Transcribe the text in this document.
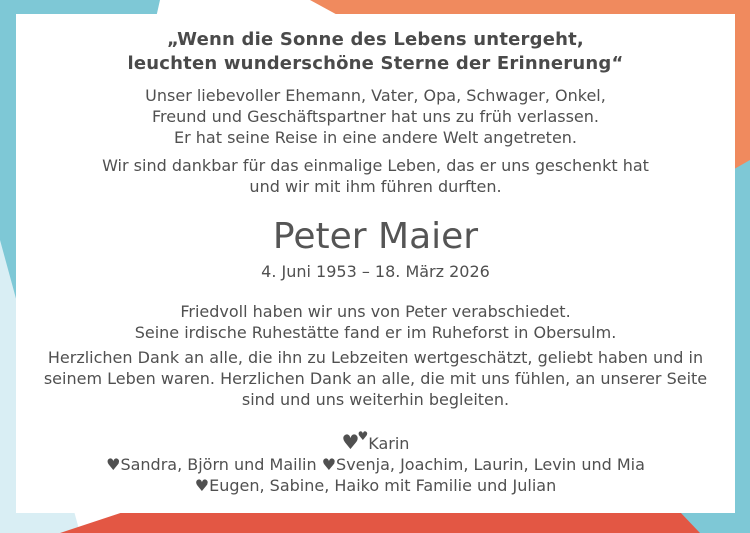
„Wenn die Sonne des Lebens untergeht,
leuchten wunderschöne Sterne der Erinnerung“
Unser liebevoller Ehemann, Vater, Opa, Schwager, Onkel,
Freund und Geschäftspartner hat uns zu früh verlassen.
Er hat seine Reise in eine andere Welt angetreten.
Wir sind dankbar für das einmalige Leben, das er uns geschenkt hat
und wir mit ihm führen durften.
Peter Maier
4. Juni 1953 – 18. März 2026
Friedvoll haben wir uns von Peter verabschiedet.
Seine irdische Ruhestätte fand er im Ruheforst in Obersulm.
Herzlichen Dank an alle, die ihn zu Lebzeiten wertgeschätzt, geliebt haben und in
seinem Leben waren. Herzlichen Dank an alle, die mit uns fühlen, an unserer Seite
sind und uns weiterhin begleiten.
♥♥Karin
♥Sandra, Björn und Mailin ♥Svenja, Joachim, Laurin, Levin und Mia
♥Eugen, Sabine, Haiko mit Familie und Julian
